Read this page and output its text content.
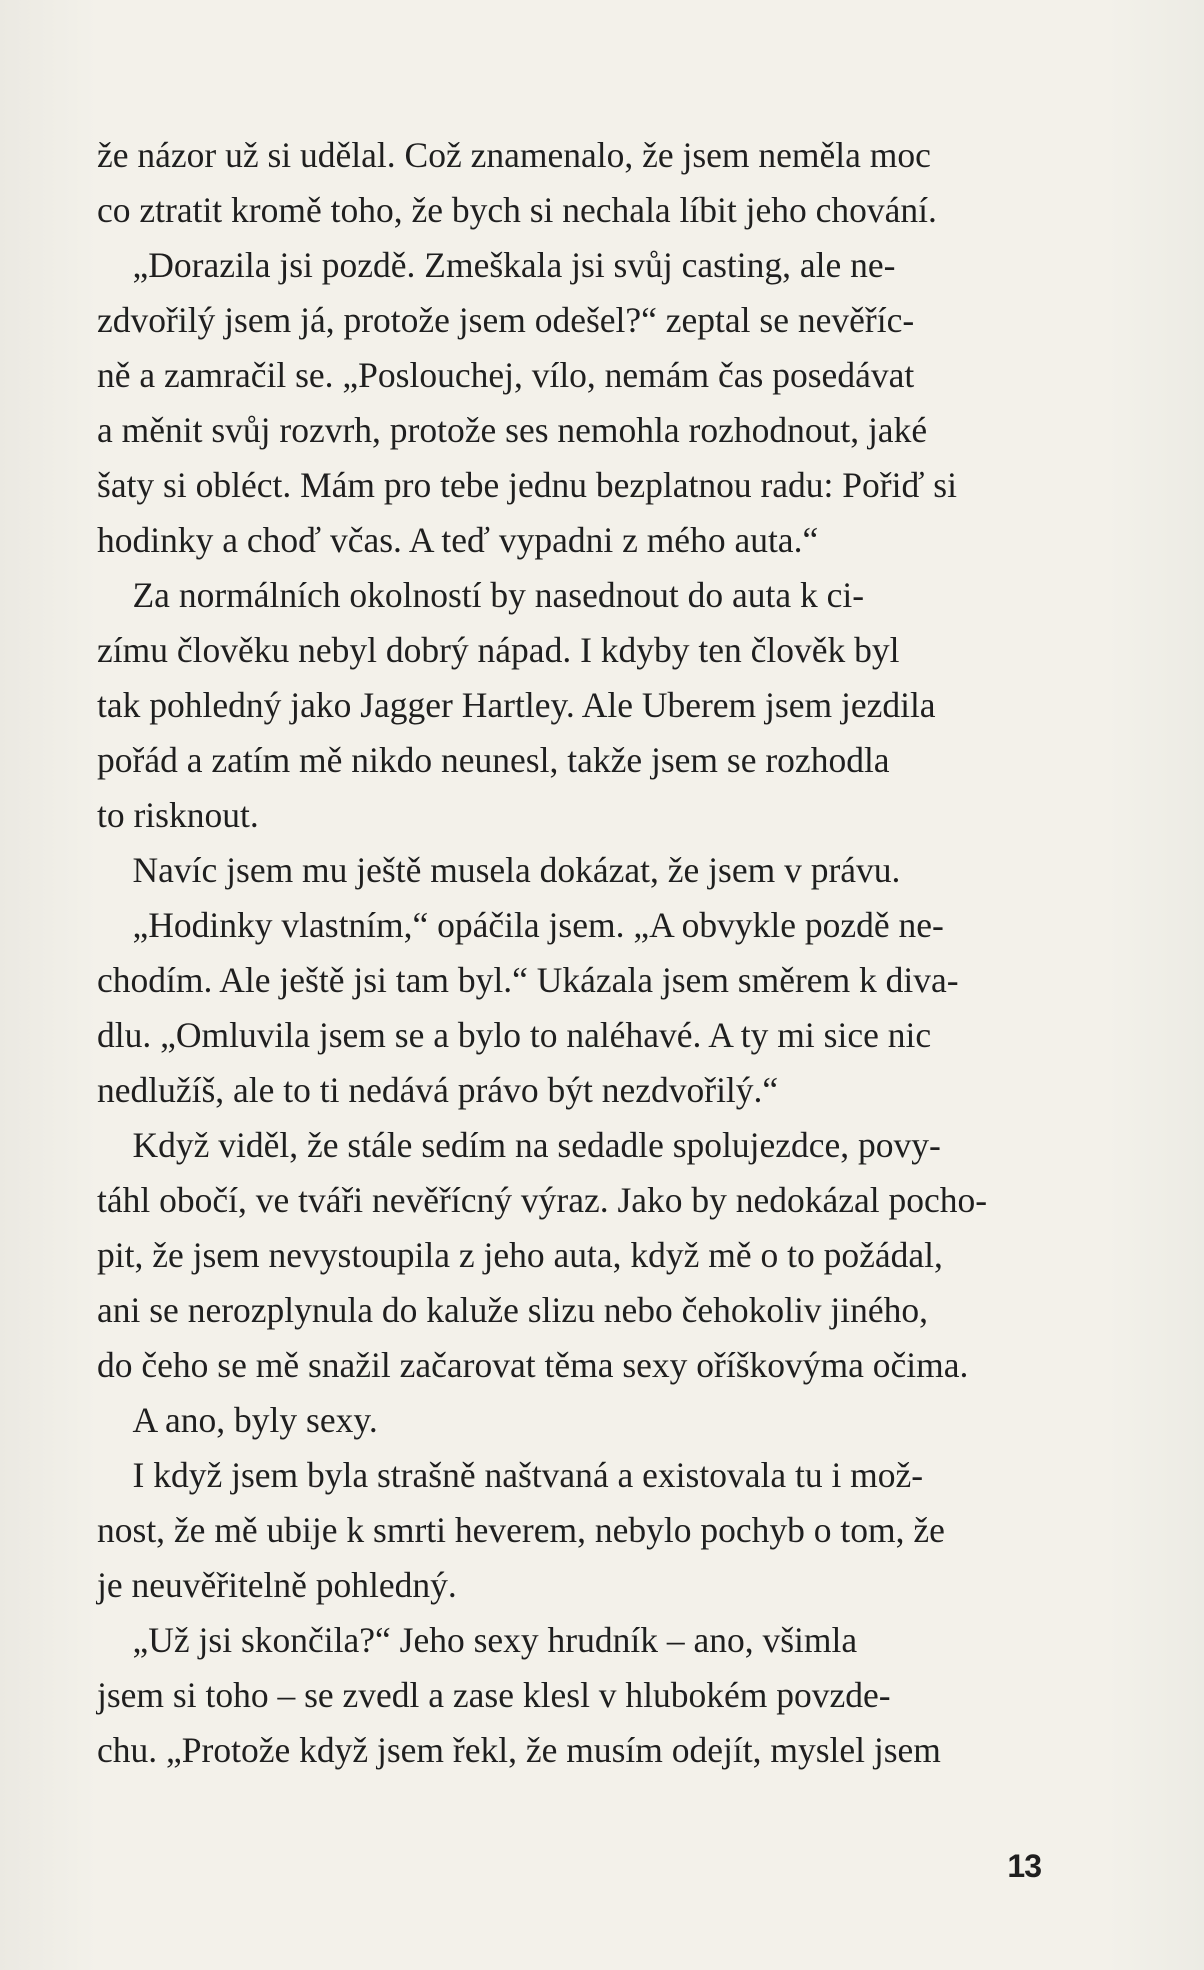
že názor už si udělal. Což znamenalo, že jsem neměla moc
co ztratit kromě toho, že bych si nechala líbit jeho chování.
„Dorazila jsi pozdě. Zmeškala jsi svůj casting, ale ne-
zdvořilý jsem já, protože jsem odešel?“ zeptal se nevěříc-
ně a zamračil se. „Poslouchej, vílo, nemám čas posedávat
a měnit svůj rozvrh, protože ses nemohla rozhodnout, jaké
šaty si obléct. Mám pro tebe jednu bezplatnou radu: Pořiď si
hodinky a choď včas. A teď vypadni z mého auta.“
Za normálních okolností by nasednout do auta k ci-
zímu člověku nebyl dobrý nápad. I kdyby ten člověk byl
tak pohledný jako Jagger Hartley. Ale Uberem jsem jezdila
pořád a zatím mě nikdo neunesl, takže jsem se rozhodla
to risknout.
Navíc jsem mu ještě musela dokázat, že jsem v právu.
„Hodinky vlastním,“ opáčila jsem. „A obvykle pozdě ne-
chodím. Ale ještě jsi tam byl.“ Ukázala jsem směrem k diva-
dlu. „Omluvila jsem se a bylo to naléhavé. A ty mi sice nic
nedlužíš, ale to ti nedává právo být nezdvořilý.“
Když viděl, že stále sedím na sedadle spolujezdce, povy-
táhl obočí, ve tváři nevěřícný výraz. Jako by nedokázal pocho-
pit, že jsem nevystoupila z jeho auta, když mě o to požádal,
ani se nerozplynula do kaluže slizu nebo čehokoliv jiného,
do čeho se mě snažil začarovat těma sexy oříškovýma očima.
A ano, byly sexy.
I když jsem byla strašně naštvaná a existovala tu i mož-
nost, že mě ubije k smrti heverem, nebylo pochyb o tom, že
je neuvěřitelně pohledný.
„Už jsi skončila?“ Jeho sexy hrudník – ano, všimla
jsem si toho – se zvedl a zase klesl v hlubokém povzde-
chu. „Protože když jsem řekl, že musím odejít, myslel jsem
13
